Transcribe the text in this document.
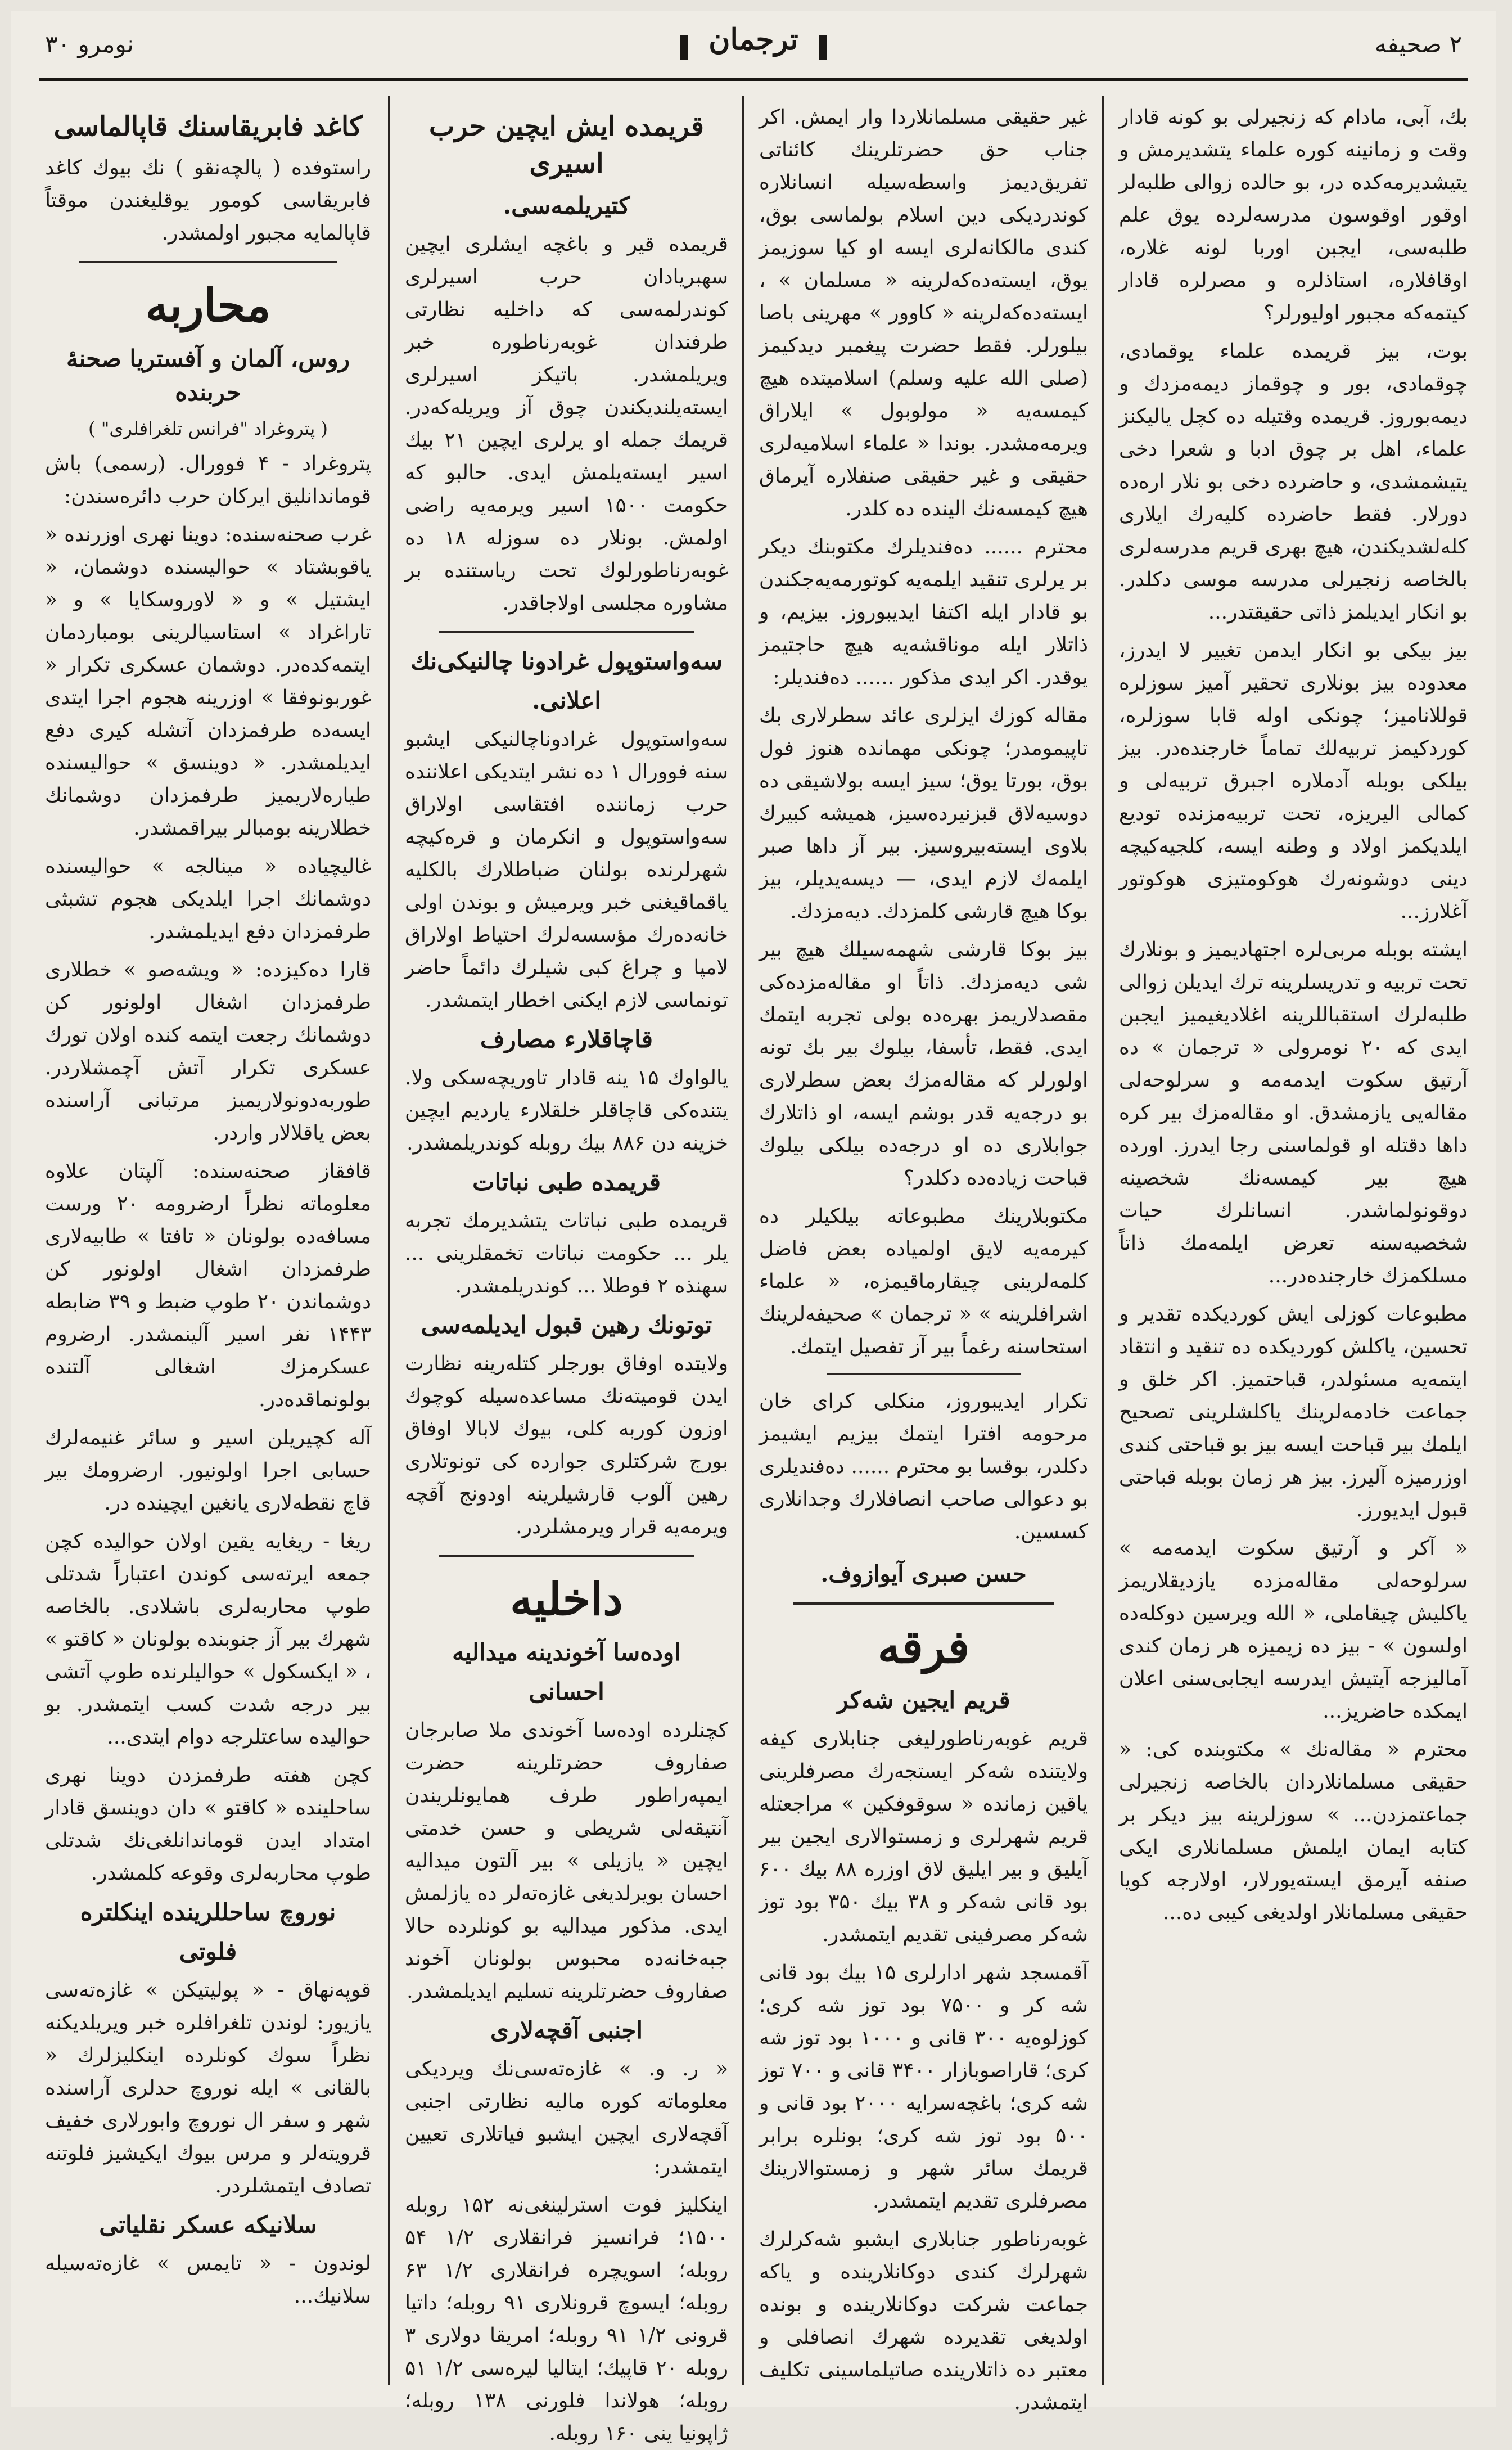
۲ صحیفه
ترجمان
نومرو ۳۰

بك، آبی، مادام كه زنجیرلی بو كونه قادار وقت و زمانینه كوره علماء یتشدیرمش و یتیشدیرمه‌كده در، بو حالده زوالی طلبه‌لر اوقور اوقوسون مدرسه‌لرده یوق علم طلبه‌سی، ایجبن اوربا لونه غلاره، اوقافلاره، استاذلره و مصرلره قادار كیتمه‌كه مجبور اولیورلر؟

بوت، بیز قریمده علماء یوقمادی، چوقمادی، بور و چوقماز دیمه‌مزدك و دیمه‌بوروز. قریمده وقتیله ده كچل یالیكنز علماء، اهل بر چوق ادبا و شعرا دخی یتیشمشدی، و حاضرده دخی بو نلار اره‌ده دورلار. فقط حاضرده كلیه‌رك ایلاری كله‌لشدیكندن، هیچ بهری قریم مدرسه‌لری بالخاصه زنجیرلی مدرسه موسی دكلدر. بو انكار ایدیلمز ذاتی حقیقتدر...

بیز بیكی بو انكار ایدمن تغییر لا ایدرز، معدوده بیز بونلاری تحقیر آمیز سوزلره قوللانامیز؛ چونكی اوله قابا سوزلره، كوردكیمز تربیه‌لك تماماً خارجنده‌در. بیز بیلكی بوبله آدملاره اجبرق تربیه‌لی و كمالی الیریزه، تحت تربیه‌مزنده تودیع ایلدیكمز اولاد و وطنه ایسه، كلجیه‌كیچه دینی دوشونه‌رك هوكومتیزی هوكوتور آغلارز...

ایشته بوبله مربی‌لره اجتهادیمیز و بونلارك تحت تربیه و تدریسلرینه ترك ایدیلن زوالی طلبه‌لرك استقباللرینه اغلادیغیمیز ایجبن ایدی كه ۲۰ نومرولی « ترجمان » ده آرتیق سكوت ایدمه‌مه و سرلوحه‌لی مقاله‌یی یازمشدق. او مقاله‌مزك بیر كره داها دقتله او قولماسنی رجا ایدرز. اورده هیچ بیر كیمسه‌نك شخصینه دوقونولماشدر. انسانلرك حیات شخصیه‌سنه تعرض ایلمه‌مك ذاتاً مسلكمزك خارجنده‌در...

مطبوعات كوزلی ایش كوردیكده تقدیر و تحسین، یاكلش كوردیكده ده تنقید و انتقاد ایتمه‌یه مسئولدر، قباحتمیز. اكر خلق و جماعت خادمه‌لرینك یاكلشلرینی تصحیح ایلمك بیر قباحت ایسه بیز بو قباحتی كندی اوزرمیزه آلیرز. بیز هر زمان بوبله قباحتی قبول ایدیورز.

« آكر و آرتیق سكوت ایدمه‌مه » سرلوحه‌لی مقاله‌مزده یازدیقلاریمز یاكلیش چیقاملی، « الله ویرسین دوكله‌ده اولسون » - بیز ده زیمیزه هر زمان كندی آمالیزجه آیتیش ایدرسه ایجابی‌سنی اعلان ایمكده حاضریز...

محترم « مقاله‌نك » مكتوبنده كی: « حقیقی مسلمانلاردان بالخاصه زنجیرلی جماعتمزدن... » سوزلرینه بیز دیكر بر كتابه ایمان ایلمش مسلمانلاری ایكی صنفه آیرمق ایسته‌یورلار، اولارجه كویا حقیقی مسلمانلار اولدیغی كیبی ده...

غیر حقیقی مسلمانلاردا وار ایمش. اكر جناب حق حضرتلرینك كائناتی تفریق‌دیمز واسطه‌سیله انسانلاره كوندردیكی دین اسلام بولماسی بوق، كندی مالكانه‌لری ایسه او كیا سوزیمز یوق، ایسته‌ده‌كه‌لرینه « مسلمان » ، ایسته‌ده‌كه‌لرینه « كاوور » مهرینی باصا بیلورلر. فقط حضرت پیغمبر دیدكیمز (صلی الله علیه وسلم) اسلامیتده هیچ كیمسه‌یه « مولوبول » ایلاراق ویرمه‌مشدر. بوندا « علماء اسلامیه‌لری حقیقی و غیر حقیقی صنفلاره آیرماق هیچ كیمسه‌نك الینده ده كلدر.

محترم ...... ده‌فندیلرك مكتوبنك دیكر بر یرلری تنقید ایلمه‌یه كوتورمه‌یه‌جكندن بو قادار ایله اكتفا ایدیبوروز. بیزیم، و ذاتلار ایله موناقشه‌یه هیچ حاجتیمز یوقدر. اكر ایدی مذكور ...... ده‌فندیلر:

مقاله كوزك ایزلری عائد سطرلاری بك تاپیمومدر؛ چونكی مهمانده هنوز فول بوق، بورتا یوق؛ سیز ایسه بولاشیقی ده دوسیه‌لاق قبزنیرده‌سیز، همیشه كبیرك بلاوی ایسته‌بیروسیز. بیر آز داها صبر ایلمه‌ك لازم ایدی، — دیسه‌یدیلر، بیز بوكا هیچ قارشی كلمزدك. دیه‌مزدك.

بیز بوكا قارشی شهمه‌سیلك هیچ بیر شی دیه‌مزدك. ذاتاً او مقاله‌مزده‌كی مقصدلاریمز بهره‌ده بولی تجربه ایتمك ایدی. فقط، تأسفا، بیلوك بیر بك تونه اولورلر كه مقاله‌مزك بعض سطرلاری بو درجه‌یه قدر بوشم ایسه، او ذاتلارك جوابلاری ده او درجه‌ده بیلكی بیلوك قباحت زیاده‌ده دكلدر؟

مكتوبلارینك مطبوعاته بیلكیلر ده كیرمه‌یه لایق اولمیاده بعض فاضل كلمه‌لرینی چیقارماقیمزه، « علماء اشرافلرینه » « ترجمان » صحیفه‌لرینك استحاسنه رغماً بیر آز تفصیل ایتمك.

تكرار ایدیبوروز، منكلی كرای خان مرحومه افترا ایتمك بیزیم ایشیمز دكلدر، بوقسا بو محترم ...... ده‌فندیلری بو دعوالی صاحب انصافلارك وجدانلاری كسسین.

حسن صبری آیوازوف.
فرقه
قریم ایجین شه‌كر

قریم غوبه‌رناطورلیغی جنابلاری كیفه ولایتنده شه‌كر ایستجه‌رك مصرفلرینی یاقین زمانده « سوقوفكین » مراجعتله قریم شهرلری و زمستوالاری ایجین بیر آیلیق و بیر ایلیق لاق اوزره ۸۸ بیك ۶۰۰ بود قانی شه‌كر و ۳۸ بیك ۳۵۰ بود توز شه‌كر مصرفینی تقدیم ایتمشدر.

آقمسجد شهر ادارلری ۱۵ بیك بود قانی شه كر و ۷۵۰۰ بود توز شه كری؛ كوزلوه‌یه ۳۰۰ قانی و ۱۰۰۰ بود توز شه كری؛ قاراصوبازار ۳۴۰۰ قانی و ۷۰۰ توز شه كری؛ باغچه‌سرایه ۲۰۰۰ بود قانی و ۵۰۰ بود توز شه كری؛ بونلره برابر قریمك سائر شهر و زمستوالارینك مصرفلری تقدیم ایتمشدر.

غوبه‌رناطور جنابلاری ایشبو شه‌كرلرك شهرلرك كندی دوكانلارینده و یاكه جماعت شركت دوكانلارینده و بونده اولدیغی تقدیرده شهرك انصافلی و معتبر ده ذاتلارینده صاتیلماسینی تكلیف ایتمشدر.

قریمده ایش ایچین حرب اسیری
كتیریلمه‌سی.

قریمده قیر و باغچه ایشلری ایچین سهبریادان حرب اسیرلری كوندرلمه‌سی كه داخلیه نظارتی طرفندان غوبه‌رناطوره خبر ویریلمشدر. باتیكز اسیرلری ایسته‌یلندیكندن چوق آز ویریله‌كه‌در. قریمك جمله او یرلری ایچین ۲۱ بیك اسیر ایسته‌یلمش ایدی. حالبو كه حكومت ۱۵۰۰ اسیر ویرمه‌یه راضی اولمش. بونلار ده سوزله ۱۸ ده غوبه‌رناطورلوك تحت ریاستنده بر مشاوره مجلسی اولاجاقدر.

سه‌واستوپول غرادونا چالنیكی‌نك
اعلانی.

سه‌واستوپول غرادوناچالنیكی ایشبو سنه فوورال ۱ ده نشر ایتدیكی اعلاننده حرب زماننده افتقاسی اولاراق سه‌واستوپول و انكرمان و قره‌كیچه شهرلرنده بولنان ضباطلارك بالكلیه یاقماقیغنی خبر ویرمیش و بوندن اولی خانه‌ده‌رك مؤسسه‌لرك احتیاط اولاراق لامپا و چراغ كبی شیلرك دائماً حاضر تونماسی لازم ایكنی اخطار ایتمشدر.

قاچاقلارء مصارف

یالواوك ۱۵ ینه قادار تاوریچه‌سكی ولا. یتنده‌كی قاچاقلر خلقلارء یاردیم ایچین خزینه دن ۸۸۶ بیك روبله كوندریلمشدر.

قریمده طبی نباتات

قریمده طبی نباتات یتشدیرمك تجربه‌ یلر ... حكومت نباتات تخمقلرینی ... سهنذه ۲ فوطلا ... كوندریلمشدر.

توتونك رهین قبول ایدیلمه‌سی

ولایتده اوفاق بورجلر كتله‌رینه نظارت ایدن قومیته‌نك مساعده‌سیله كوچوك اوزون كوربه كلی، بیوك لابالا اوفاق بورج شركتلری جوارده كی تونوتلاری رهین آلوب قارشیلرینه اودونج آقچه ویرمه‌یه قرار ویرمشلردر.

داخلیه
اوده‌سا آخوندینه میدالیه
احسانی

كچنلرده اوده‌سا آخوندی ملا صابرجان صفاروف حضرتلرینه حضرت ایمپه‌راطور طرف همایونلریندن آنتیقه‌لی شریطی و حسن خدمتی ایچین « یازیلی » بیر آلتون میدالیه احسان بویرلدیغی غازه‌ته‌لر ده یازلمش ایدی. مذكور میدالیه‌ بو كونلرده حالا جبه‌خانه‌ده محبوس بولونان آخوند صفاروف حضرتلرینه تسلیم ایدیلمشدر.

اجنبی آقچه‌لاری

« ر. و. » غازه‌ته‌سی‌نك ویردیكی معلوماته كوره مالیه نظارتی اجنبی آقچه‌لاری ایچین ایشبو فیاتلاری تعیین ایتمشدر:

اینكلیز فوت استرلینغی‌نه ۱۵۲ روبله ۱۵۰۰؛ فرانسیز فرانقلاری ۱/۲ ۵۴ روبله؛ اسویچره فرانقلاری ۱/۲ ۶۳ روبله؛ ایسوچ قرونلاری ۹۱ روبله؛ داتیا قرونی ۱/۲ ۹۱ روبله؛ امریقا دولاری ۳ روبله ۲۰ قاپیك؛ ایتالیا لیره‌سی ۱/۲ ۵۱ روبله؛ هولاندا فلورنی ۱۳۸ روبله؛ ژاپونیا ینی ۱۶۰ روبله.

كاغد فابریقاسنك قاپالماسی

راستوفده ( پالچه‌نقو ) نك بیوك كاغد فابریقاسی كومور یوقلیغندن موقتاً قاپالمایه مجبور اولمشدر.

محاربه
روس، آلمان و آفستریا صحنهٔ حربنده
( پتروغراد "فرانس تلغرافلری" )

پتروغراد - ۴ فوورال. (رسمی) باش قوماندانلیق ایركان حرب دائره‌سندن:

غرب صحنه‌سنده: دوینا نهری اوزرنده « یاقوبشتاد » حوالیسنده دوشمان، « ایشتیل » و « لاوروسكایا » و « تاراغراد » استاسیالرینی بومباردمان ایتمه‌كده‌در. دوشمان عسكری تكرار « غوربونوفقا » اوزرینه هجوم اجرا ایتدی ایسه‌ده طرفمزدان آتشله كیری دفع ایدیلمشدر. « دوینسق » حوالیسنده طیاره‌لاریمیز طرفمزدان دوشمانك خطلارینه بومبالر بیراقمشدر.

غالیچیاده « مینالجه » حوالیسنده دوشمانك اجرا ایلدیكی هجوم تشبثی طرفمزدان دفع ایدیلمشدر.

قارا ده‌كیزده: « ویشه‌صو » خطلاری طرفمزدان اشغال اولونور كن دوشمانك رجعت ایتمه كنده اولان تورك عسكری تكرار آتش آچمشلاردر. طوربه‌دونولاریمیز مرتبانی آراسنده بعض یاقلالار واردر.

قافقاز صحنه‌سنده: آلپتان علاوه معلوماته نظراً ارضرومه ۲۰ ورست مسافه‌ده بولونان « تافتا » طابیه‌لاری طرفمزدان اشغال اولونور كن دوشماندن ۲۰ طوپ ضبط و ۳۹ ضابطه ۱۴۴۳ نفر اسیر آلینمشدر. ارضروم عسكرمزك اشغالی آلتنده بولونماقده‌در.

آله كچیریلن اسیر و سائر غنیمه‌لرك حسابی اجرا اولونیور. ارضرومك بیر قاچ نقطه‌لاری یانغین ایچینده در.

ریغا - ریغایه یقین اولان حوالیده كچن جمعه ایرته‌سی كوندن اعتباراً شدتلی طوپ محاربه‌لری باشلادی. بالخاصه شهرك بیر آز جنوبنده بولونان « كاقتو » ، « ایكسكول » حوالیلرنده طوپ آتشی بیر درجه شدت كسب ایتمشدر. بو حوالیده ساعتلرجه دوام ایتدی...

كچن هفته طرفمزدن دوینا نهری ساحلینده « كاقتو » دان دوینسق قادار امتداد ایدن قوماندانلغی‌نك شدتلی طوپ محاربه‌لری وقوعه كلمشدر.

نوروچ ساحللرینده اینكلتره
فلوتی

قوپه‌نهاق - « پولیتیكن » غازه‌ته‌سی یازیور: لوندن تلغرافلره خبر ویریلدیكنه نظراً سوك كونلرده اینكلیزلرك « بالقانی » ایله نوروچ حدلری آراسنده شهر و سفر ال نوروچ وابورلاری خفیف قرویته‌لر و مرس بیوك ایكیشیز فلوتنه تصادف ایتمشلردر.

سلانیكه عسكر نقلیاتی

لوندون - « تایمس » غازه‌ته‌سیله سلانیك...
